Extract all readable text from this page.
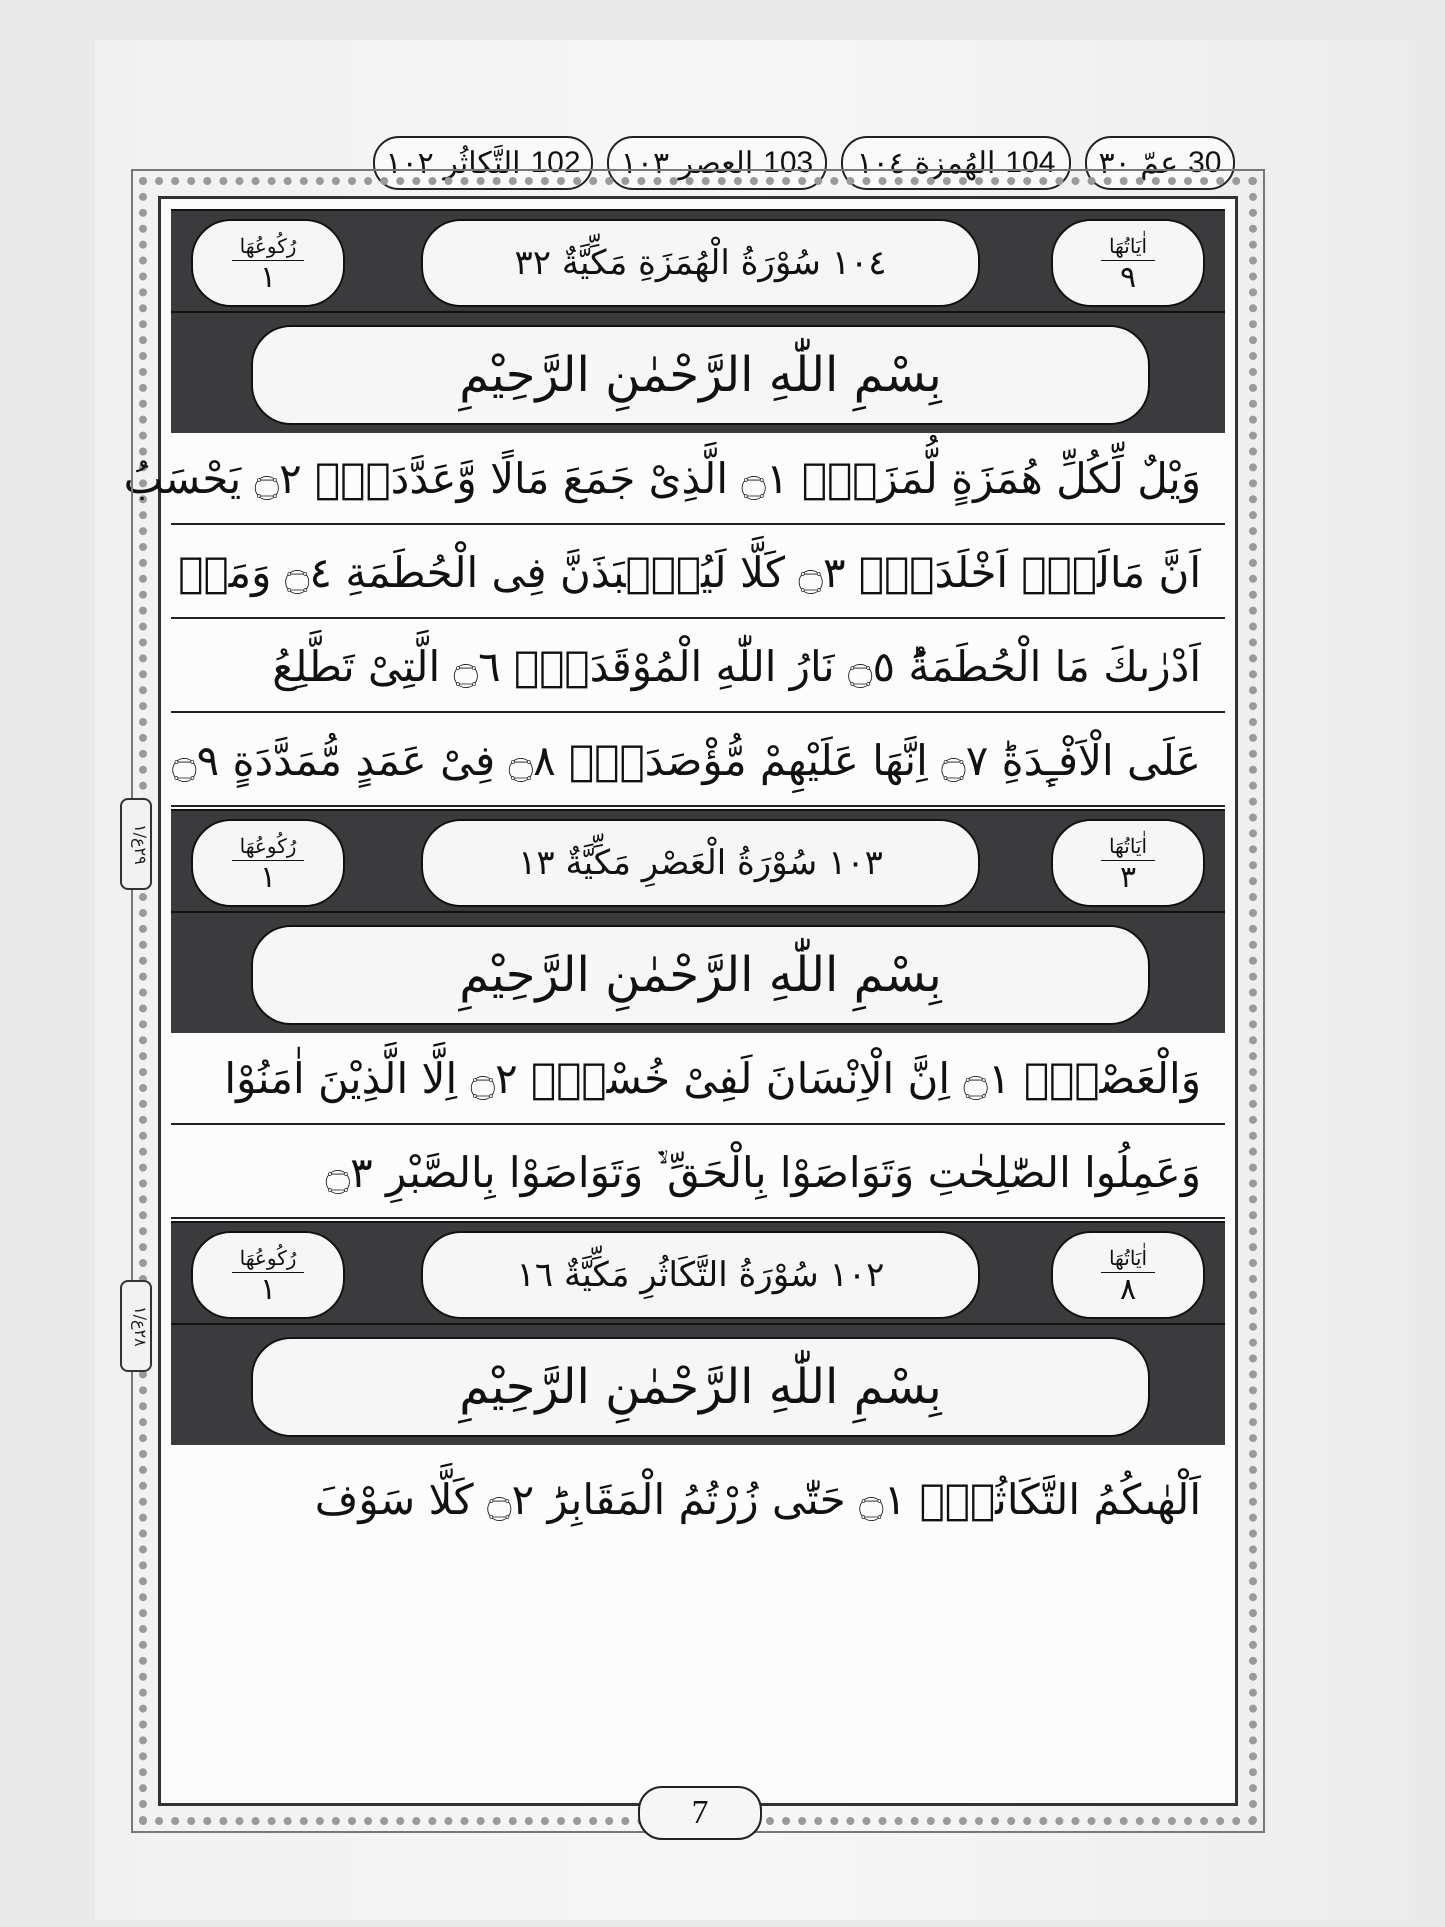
30
عمّ ۳۰
104
الهُمزة ١٠٤
103
العصر ١٠٣
102
التَّكاثُر ١٠٢
اٰیَاتُهَا
۹
١٠٤ سُوْرَةُ الْهُمَزَةِ مَكِّيَّةٌ ٣٢
رُكُوعُهَا
۱
بِسْمِ اللّٰهِ الرَّحْمٰنِ الرَّحِيْمِ
وَيْلٌ لِّكُلِّ هُمَزَةٍ لُّمَزَةِۙ ۝١ الَّذِیْ جَمَعَ مَالًا وَّعَدَّدَهٗۙ ۝٢ يَحْسَبُ
اَنَّ مَالَهٗۤ اَخْلَدَهٗۚ ۝٣ كَلَّا لَیُنْۢبَذَنَّ فِی الْحُطَمَةِ ۝٤ وَمَاۤ
اَدْرٰىكَ مَا الْحُطَمَةُؕ ۝٥ نَارُ اللّٰهِ الْمُوْقَدَةُۙ ۝٦ الَّتِیْ تَطَّلِعُ
عَلَى الْاَفْـِٕدَةِؕ ۝٧ اِنَّهَا عَلَیْهِمْ مُّؤْصَدَةٌۙ ۝٨ فِیْ عَمَدٍ مُّمَدَّدَةٍ ۝٩
اٰیَاتُهَا
۳
١٠٣ سُوْرَةُ الْعَصْرِ مَكِّيَّةٌ ١٣
رُكُوعُهَا
۱
بِسْمِ اللّٰهِ الرَّحْمٰنِ الرَّحِيْمِ
وَالْعَصْرِۙ ۝١ اِنَّ الْاِنْسَانَ لَفِیْ خُسْرٍۙ ۝٢ اِلَّا الَّذِیْنَ اٰمَنُوْا
وَعَمِلُوا الصّٰلِحٰتِ وَتَوَاصَوْا بِالْحَقِّ ۙ۬ وَتَوَاصَوْا بِالصَّبْرِ ۝٣
اٰیَاتُهَا
۸
١٠٢ سُوْرَةُ التَّكَاثُرِ مَكِّيَّةٌ ١٦
رُكُوعُهَا
۱
بِسْمِ اللّٰهِ الرَّحْمٰنِ الرَّحِيْمِ
اَلْهٰىكُمُ التَّكَاثُرُۙ ۝١ حَتّٰى زُرْتُمُ الْمَقَابِرَؕ ۝٢ كَلَّا سَوْفَ
۱/٢٩ع
۱/٢٨ع
7
